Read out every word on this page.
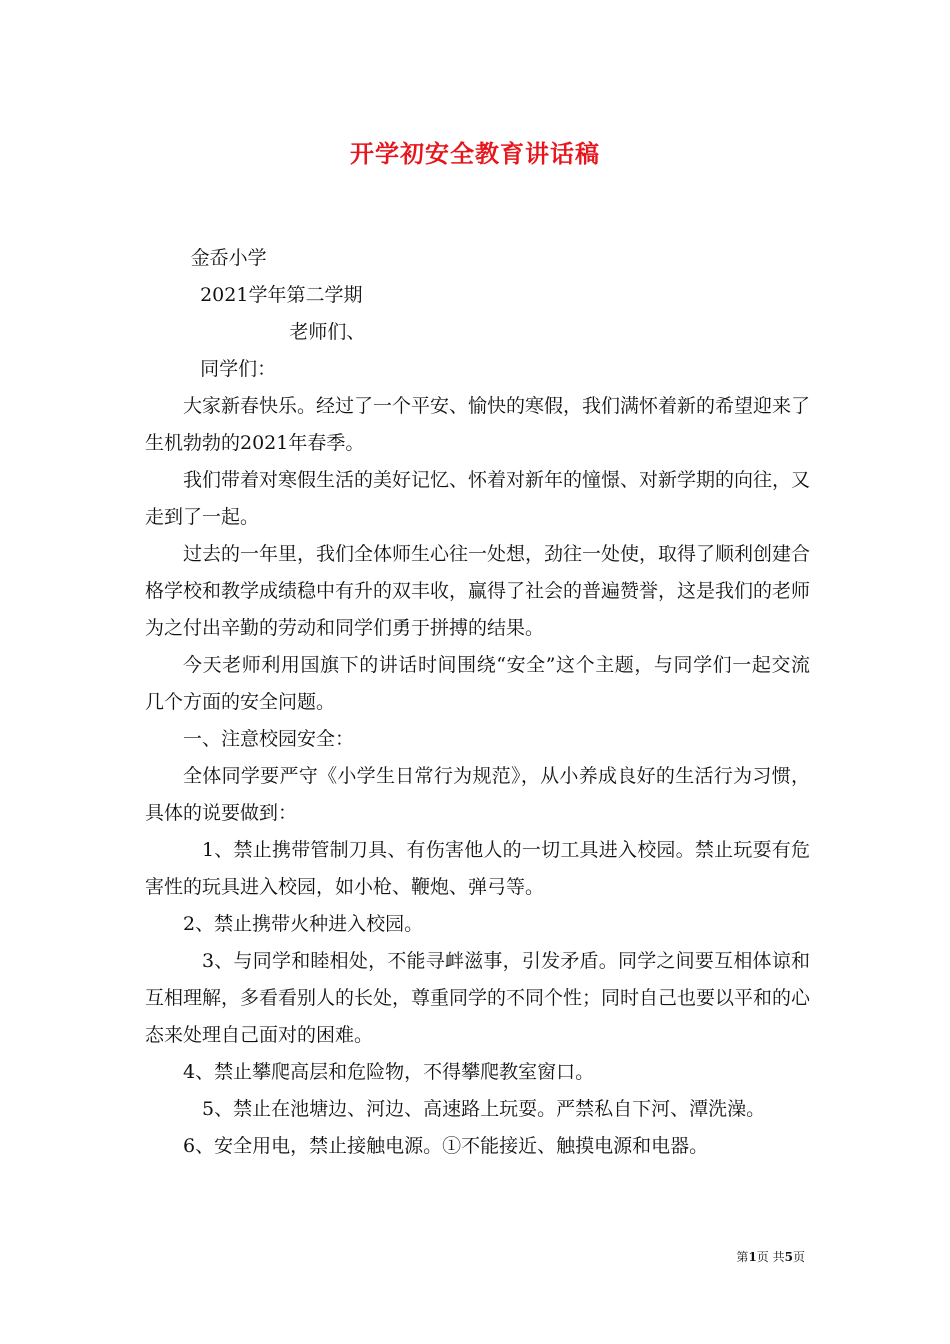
开学初安全教育讲话稿

金岙小学

2021学年第二学期

老师们、

同学们：

大家新春快乐。经过了一个平安、愉快的寒假，我们满怀着新的希望迎来了生机勃勃的2021年春季。

我们带着对寒假生活的美好记忆、怀着对新年的憧憬、对新学期的向往，又走到了一起。

过去的一年里，我们全体师生心往一处想，劲往一处使，取得了顺利创建合格学校和教学成绩稳中有升的双丰收，赢得了社会的普遍赞誉，这是我们的老师为之付出辛勤的劳动和同学们勇于拼搏的结果。

今天老师利用国旗下的讲话时间围绕“安全”这个主题，与同学们一起交流几个方面的安全问题。

一、注意校园安全：

全体同学要严守《小学生日常行为规范》，从小养成良好的生活行为习惯，具体的说要做到：

1、禁止携带管制刀具、有伤害他人的一切工具进入校园。禁止玩耍有危害性的玩具进入校园，如小枪、鞭炮、弹弓等。

2、禁止携带火种进入校园。

3、与同学和睦相处，不能寻衅滋事，引发矛盾。同学之间要互相体谅和互相理解，多看看别人的长处，尊重同学的不同个性；同时自己也要以平和的心态来处理自己面对的困难。

4、禁止攀爬高层和危险物，不得攀爬教室窗口。

5、禁止在池塘边、河边、高速路上玩耍。严禁私自下河、潭洗澡。

6、安全用电，禁止接触电源。①不能接近、触摸电源和电器。

第1页 共5页
